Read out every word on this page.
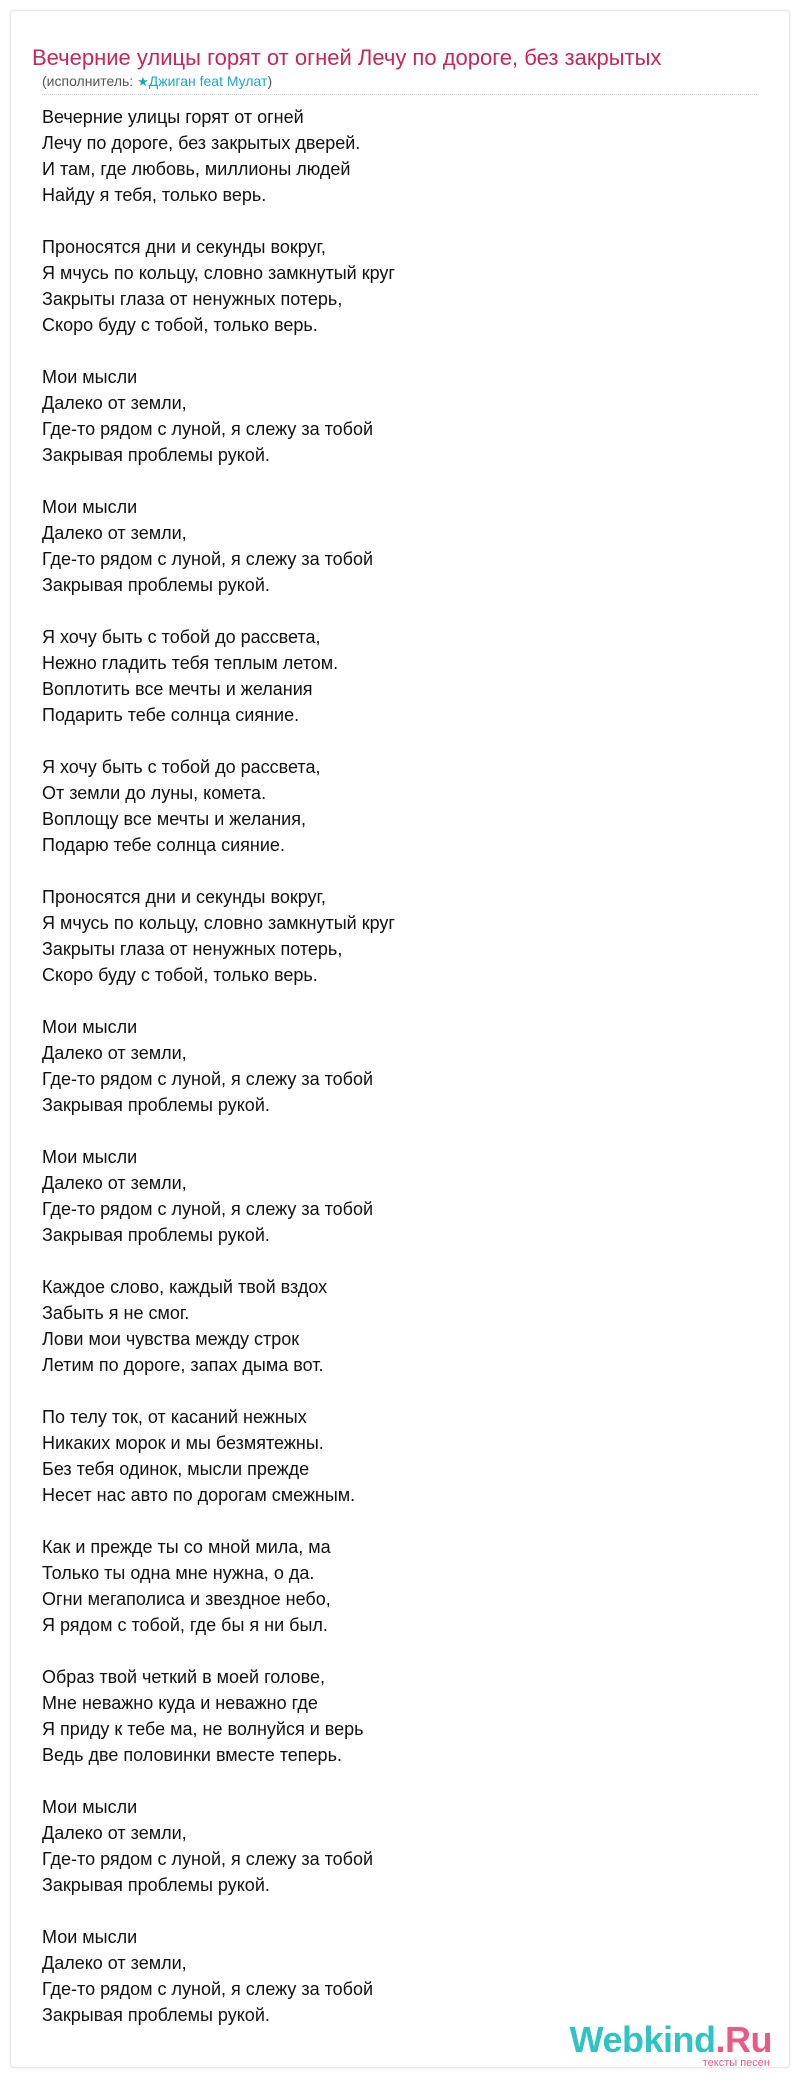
Вечерние улицы горят от огней Лечу по дороге, без закрытых
(исполнитель: ★Джиган feat Мулат)
Вечерние улицы горят от огней
Лечу по дороге, без закрытых дверей.
И там, где любовь, миллионы людей
Найду я тебя, только верь.
Проносятся дни и секунды вокруг,
Я мчусь по кольцу, словно замкнутый круг
Закрыты глаза от ненужных потерь,
Скоро буду с тобой, только верь.
Мои мысли
Далеко от земли,
Где-то рядом с луной, я слежу за тобой
Закрывая проблемы рукой.
Мои мысли
Далеко от земли,
Где-то рядом с луной, я слежу за тобой
Закрывая проблемы рукой.
Я хочу быть с тобой до рассвета,
Нежно гладить тебя теплым летом.
Воплотить все мечты и желания
Подарить тебе солнца сияние.
Я хочу быть с тобой до рассвета,
От земли до луны, комета.
Воплощу все мечты и желания,
Подарю тебе солнца сияние.
Проносятся дни и секунды вокруг,
Я мчусь по кольцу, словно замкнутый круг
Закрыты глаза от ненужных потерь,
Скоро буду с тобой, только верь.
Мои мысли
Далеко от земли,
Где-то рядом с луной, я слежу за тобой
Закрывая проблемы рукой.
Мои мысли
Далеко от земли,
Где-то рядом с луной, я слежу за тобой
Закрывая проблемы рукой.
Каждое слово, каждый твой вздох
Забыть я не смог.
Лови мои чувства между строк
Летим по дороге, запах дыма вот.
По телу ток, от касаний нежных
Никаких морок и мы безмятежны.
Без тебя одинок, мысли прежде
Несет нас авто по дорогам смежным.
Как и прежде ты со мной мила, ма
Только ты одна мне нужна, о да.
Огни мегаполиса и звездное небо,
Я рядом с тобой, где бы я ни был.
Образ твой четкий в моей голове,
Мне неважно куда и неважно где
Я приду к тебе ма, не волнуйся и верь
Ведь две половинки вместе теперь.
Мои мысли
Далеко от земли,
Где-то рядом с луной, я слежу за тобой
Закрывая проблемы рукой.
Мои мысли
Далеко от земли,
Где-то рядом с луной, я слежу за тобой
Закрывая проблемы рукой.
Webkind.Ru
тексты песен
